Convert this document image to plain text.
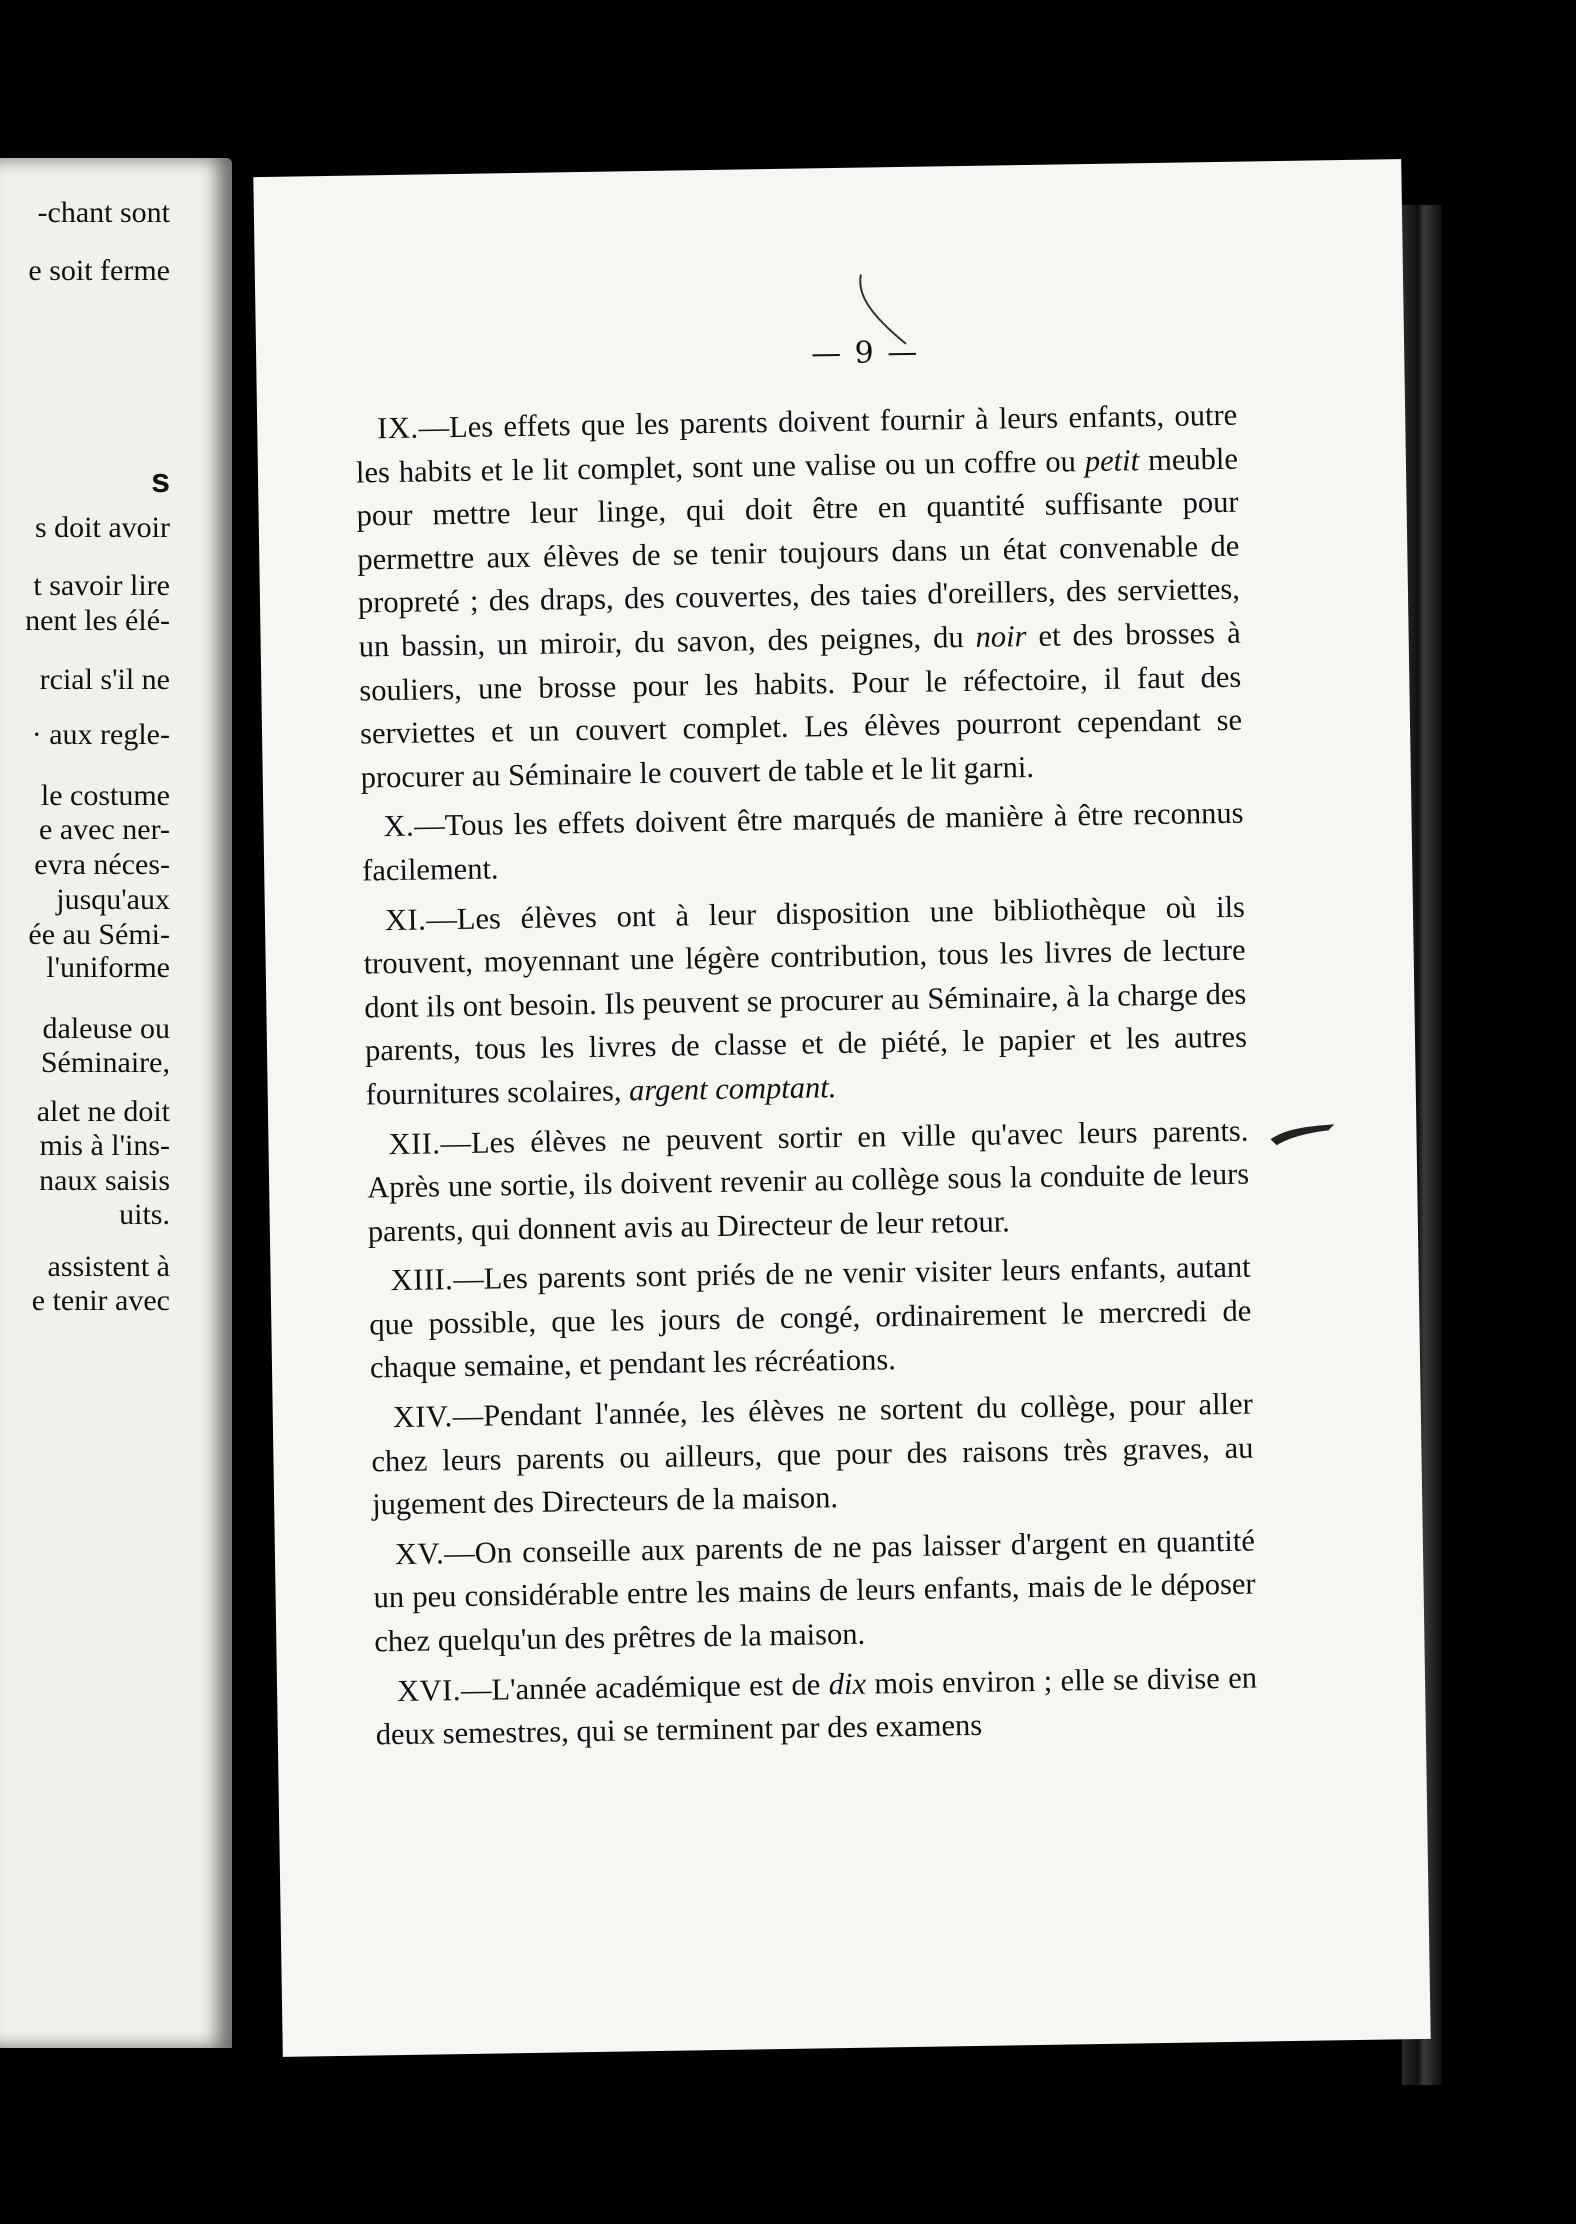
-chant sont
e soit ferme
s
s doit avoir
t savoir lire
nent les élé-
rcial s'il ne
· aux regle-
le costume
e avec ner-
evra néces-
jusqu'aux
ée au Sémi-
l'uniforme
daleuse ou
Séminaire,
alet ne doit
mis à l'ins-
naux saisis
uits.
assistent à
e tenir avec
— 9 —

IX.—Les effets que les parents doivent fournir à leurs enfants, outre les habits et le lit complet, sont une valise ou un coffre ou petit meuble pour mettre leur linge, qui doit être en quantité suffisante pour permettre aux élèves de se tenir toujours dans un état convenable de propreté ; des draps, des couvertes, des taies d'oreillers, des serviettes, un bassin, un miroir, du savon, des peignes, du noir et des brosses à souliers, une brosse pour les habits. Pour le réfectoire, il faut des serviettes et un couvert complet. Les élèves pourront cependant se procurer au Séminaire le couvert de table et le lit garni.

X.—Tous les effets doivent être marqués de manière à être reconnus facilement.

XI.—Les élèves ont à leur disposition une bibliothèque où ils trouvent, moyennant une légère contribution, tous les livres de lecture dont ils ont besoin. Ils peuvent se procurer au Séminaire, à la charge des parents, tous les livres de classe et de piété, le papier et les autres fournitures scolaires, argent comptant.

XII.—Les élèves ne peuvent sortir en ville qu'avec leurs parents. Après une sortie, ils doivent revenir au collège sous la conduite de leurs parents, qui donnent avis au Directeur de leur retour.

XIII.—Les parents sont priés de ne venir visiter leurs enfants, autant que possible, que les jours de congé, ordinairement le mercredi de chaque semaine, et pendant les récréations.

XIV.—Pendant l'année, les élèves ne sortent du collège, pour aller chez leurs parents ou ailleurs, que pour des raisons très graves, au jugement des Directeurs de la maison.

XV.—On conseille aux parents de ne pas laisser d'argent en quantité un peu considérable entre les mains de leurs enfants, mais de le déposer chez quelqu'un des prêtres de la maison.

XVI.—L'année académique est de dix mois environ ; elle se divise en deux semestres, qui se terminent par des examens
